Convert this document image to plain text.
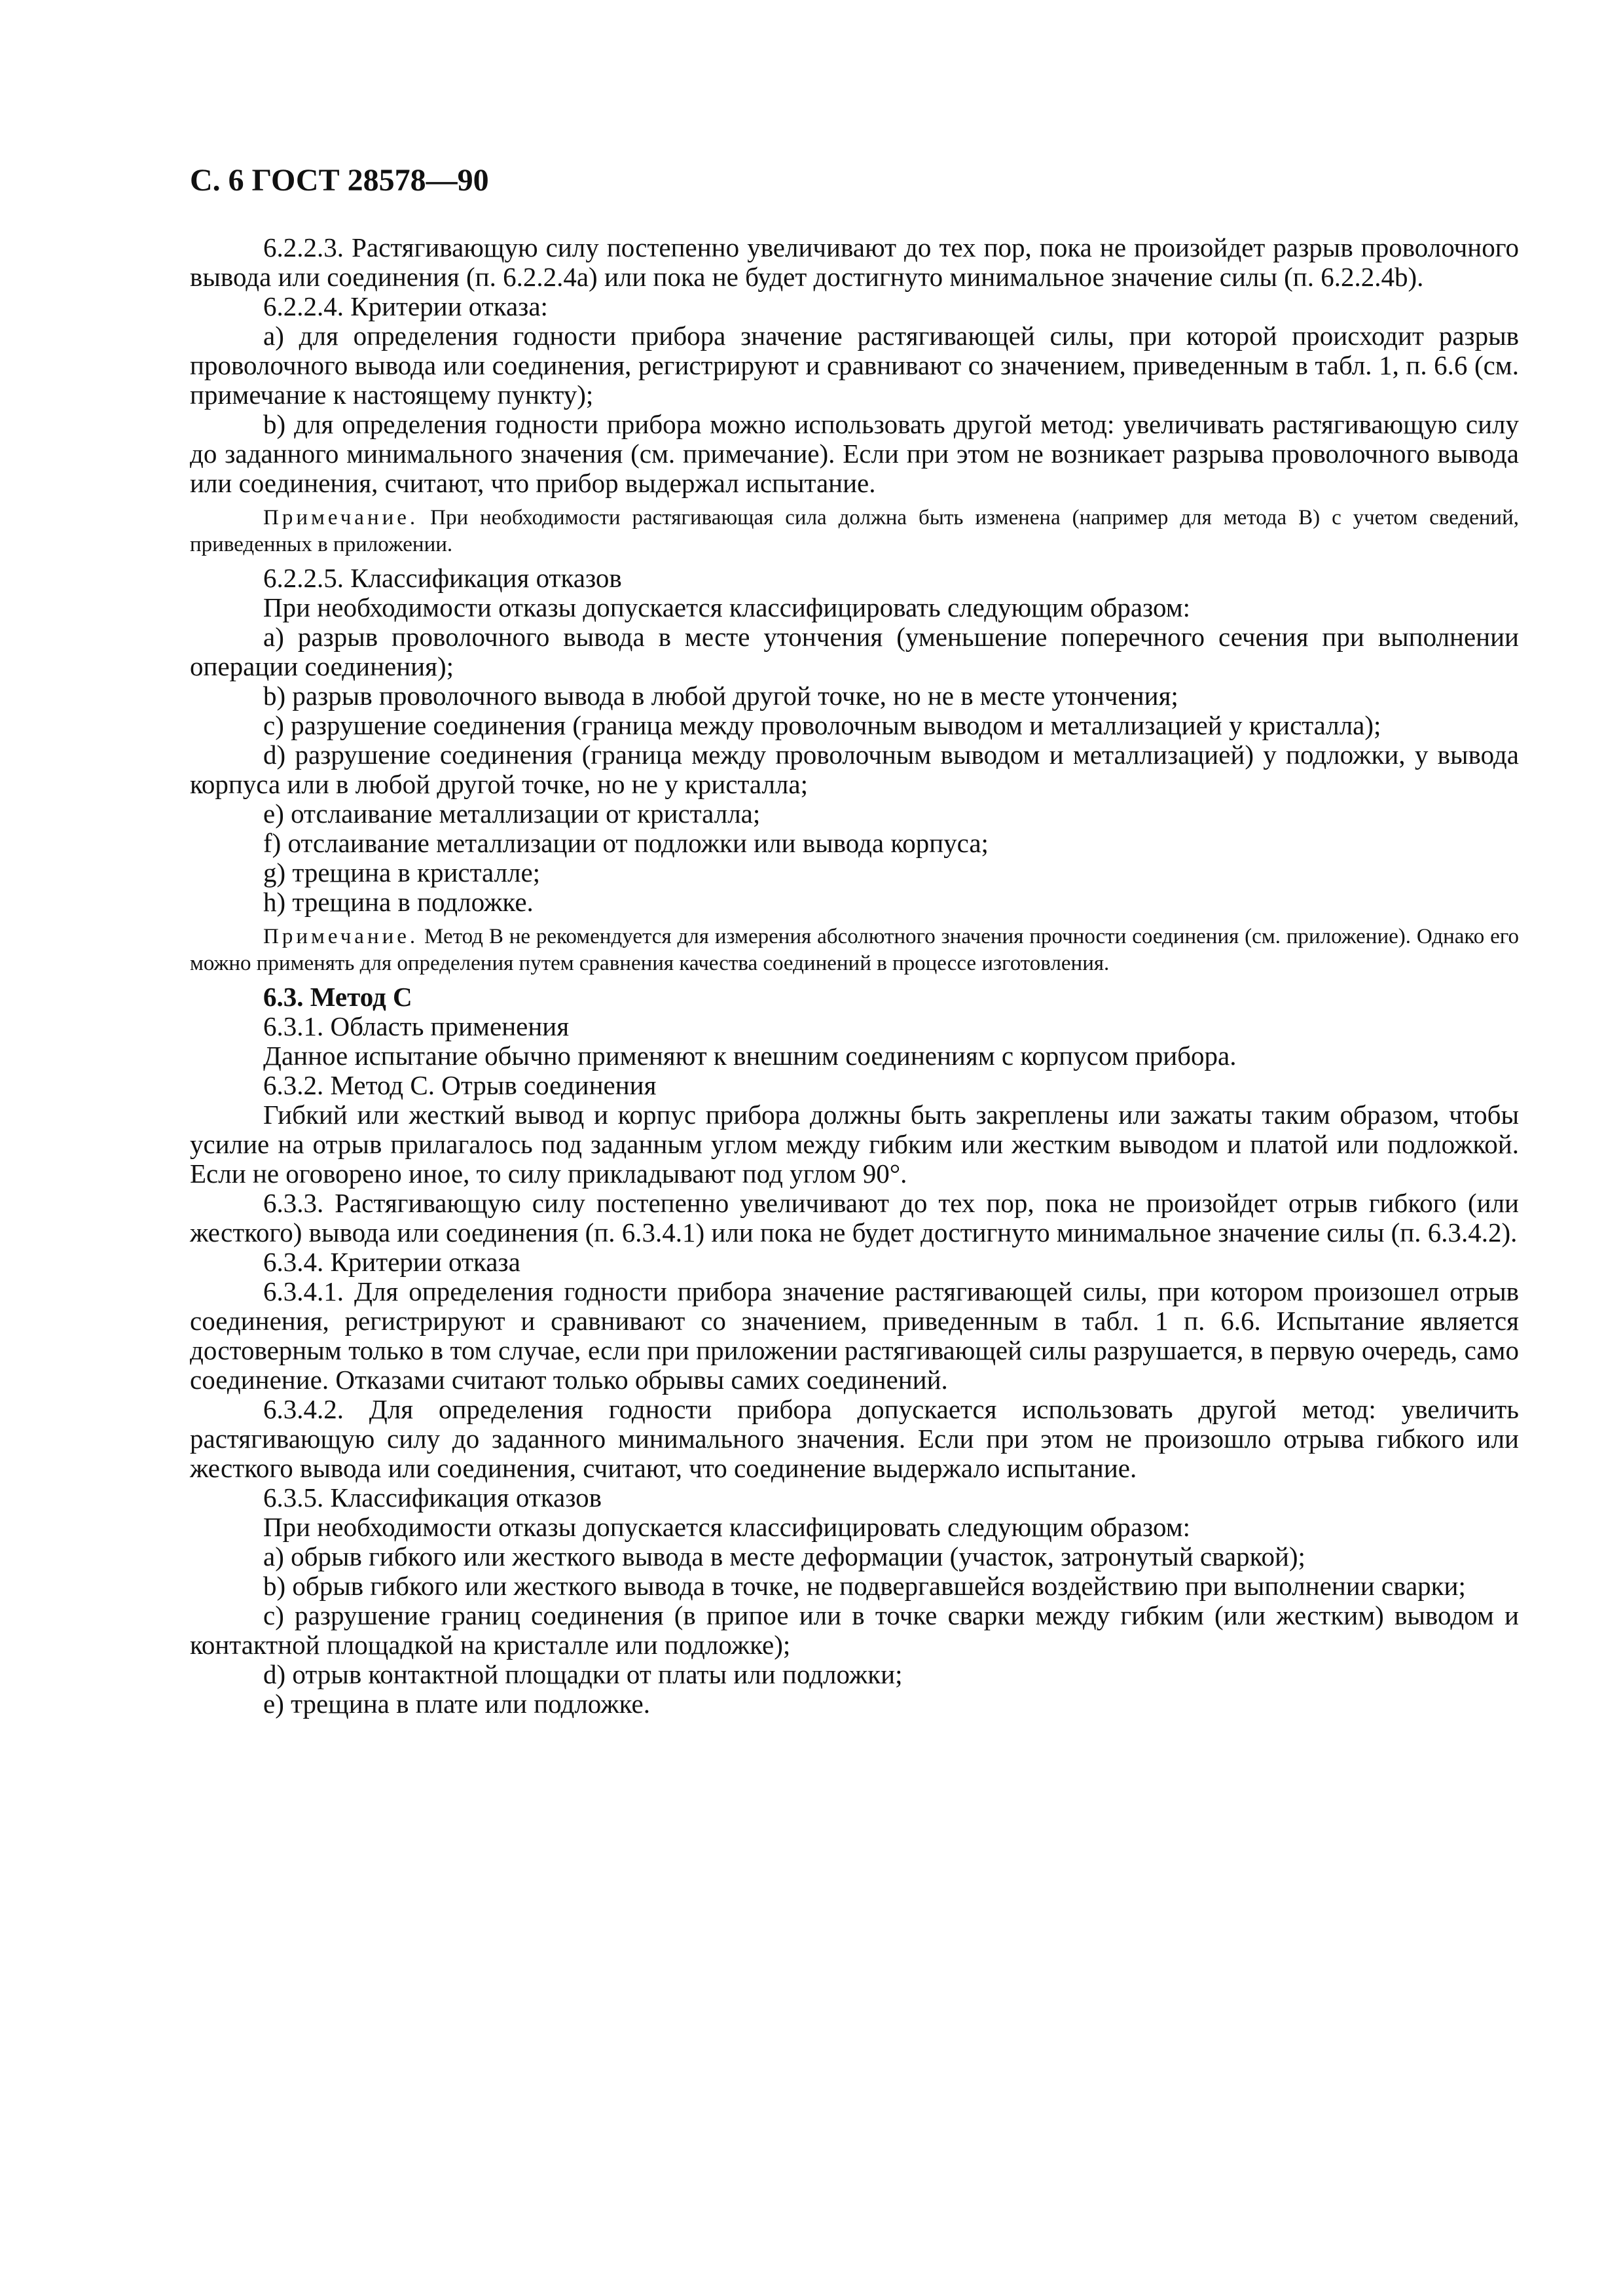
С. 6 ГОСТ 28578—90

6.2.2.3. Растягивающую силу постепенно увеличивают до тех пор, пока не произойдет разрыв проволочного вывода или соединения (п. 6.2.2.4а) или пока не будет достигнуто минимальное значение силы (п. 6.2.2.4b).

6.2.2.4. Критерии отказа:

a) для определения годности прибора значение растягивающей силы, при которой происходит разрыв проволочного вывода или соединения, регистрируют и сравнивают со значением, приведенным в табл. 1, п. 6.6 (см. примечание к настоящему пункту);

b) для определения годности прибора можно использовать другой метод: увеличивать растягивающую силу до заданного минимального значения (см. примечание). Если при этом не возникает разрыва проволочного вывода или соединения, считают, что прибор выдержал испытание.

Примечание. При необходимости растягивающая сила должна быть изменена (например для метода В) с учетом сведений, приведенных в приложении.

6.2.2.5. Классификация отказов

При необходимости отказы допускается классифицировать следующим образом:

a) разрыв проволочного вывода в месте утончения (уменьшение поперечного сечения при выполнении операции соединения);

b) разрыв проволочного вывода в любой другой точке, но не в месте утончения;

c) разрушение соединения (граница между проволочным выводом и металлизацией у кристалла);

d) разрушение соединения (граница между проволочным выводом и металлизацией) у подложки, у вывода корпуса или в любой другой точке, но не у кристалла;

e) отслаивание металлизации от кристалла;

f) отслаивание металлизации от подложки или вывода корпуса;

g) трещина в кристалле;

h) трещина в подложке.

Примечание. Метод В не рекомендуется для измерения абсолютного значения прочности соединения (см. приложение). Однако его можно применять для определения путем сравнения качества соединений в процессе изготовления.

6.3. Метод С

6.3.1. Область применения

Данное испытание обычно применяют к внешним соединениям с корпусом прибора.

6.3.2. Метод С. Отрыв соединения

Гибкий или жесткий вывод и корпус прибора должны быть закреплены или зажаты таким образом, чтобы усилие на отрыв прилагалось под заданным углом между гибким или жестким выводом и платой или подложкой. Если не оговорено иное, то силу прикладывают под углом 90°.

6.3.3. Растягивающую силу постепенно увеличивают до тех пор, пока не произойдет отрыв гибкого (или жесткого) вывода или соединения (п. 6.3.4.1) или пока не будет достигнуто минимальное значение силы (п. 6.3.4.2).

6.3.4. Критерии отказа

6.3.4.1. Для определения годности прибора значение растягивающей силы, при котором произошел отрыв соединения, регистрируют и сравнивают со значением, приведенным в табл. 1 п. 6.6. Испытание является достоверным только в том случае, если при приложении растягивающей силы разрушается, в первую очередь, само соединение. Отказами считают только обрывы самих соединений.

6.3.4.2. Для определения годности прибора допускается использовать другой метод: увеличить растягивающую силу до заданного минимального значения. Если при этом не произошло отрыва гибкого или жесткого вывода или соединения, считают, что соединение выдержало испытание.

6.3.5. Классификация отказов

При необходимости отказы допускается классифицировать следующим образом:

a) обрыв гибкого или жесткого вывода в месте деформации (участок, затронутый сваркой);

b) обрыв гибкого или жесткого вывода в точке, не подвергавшейся воздействию при выполнении сварки;

c) разрушение границ соединения (в припое или в точке сварки между гибким (или жестким) выводом и контактной площадкой на кристалле или подложке);

d) отрыв контактной площадки от платы или подложки;

e) трещина в плате или подложке.
